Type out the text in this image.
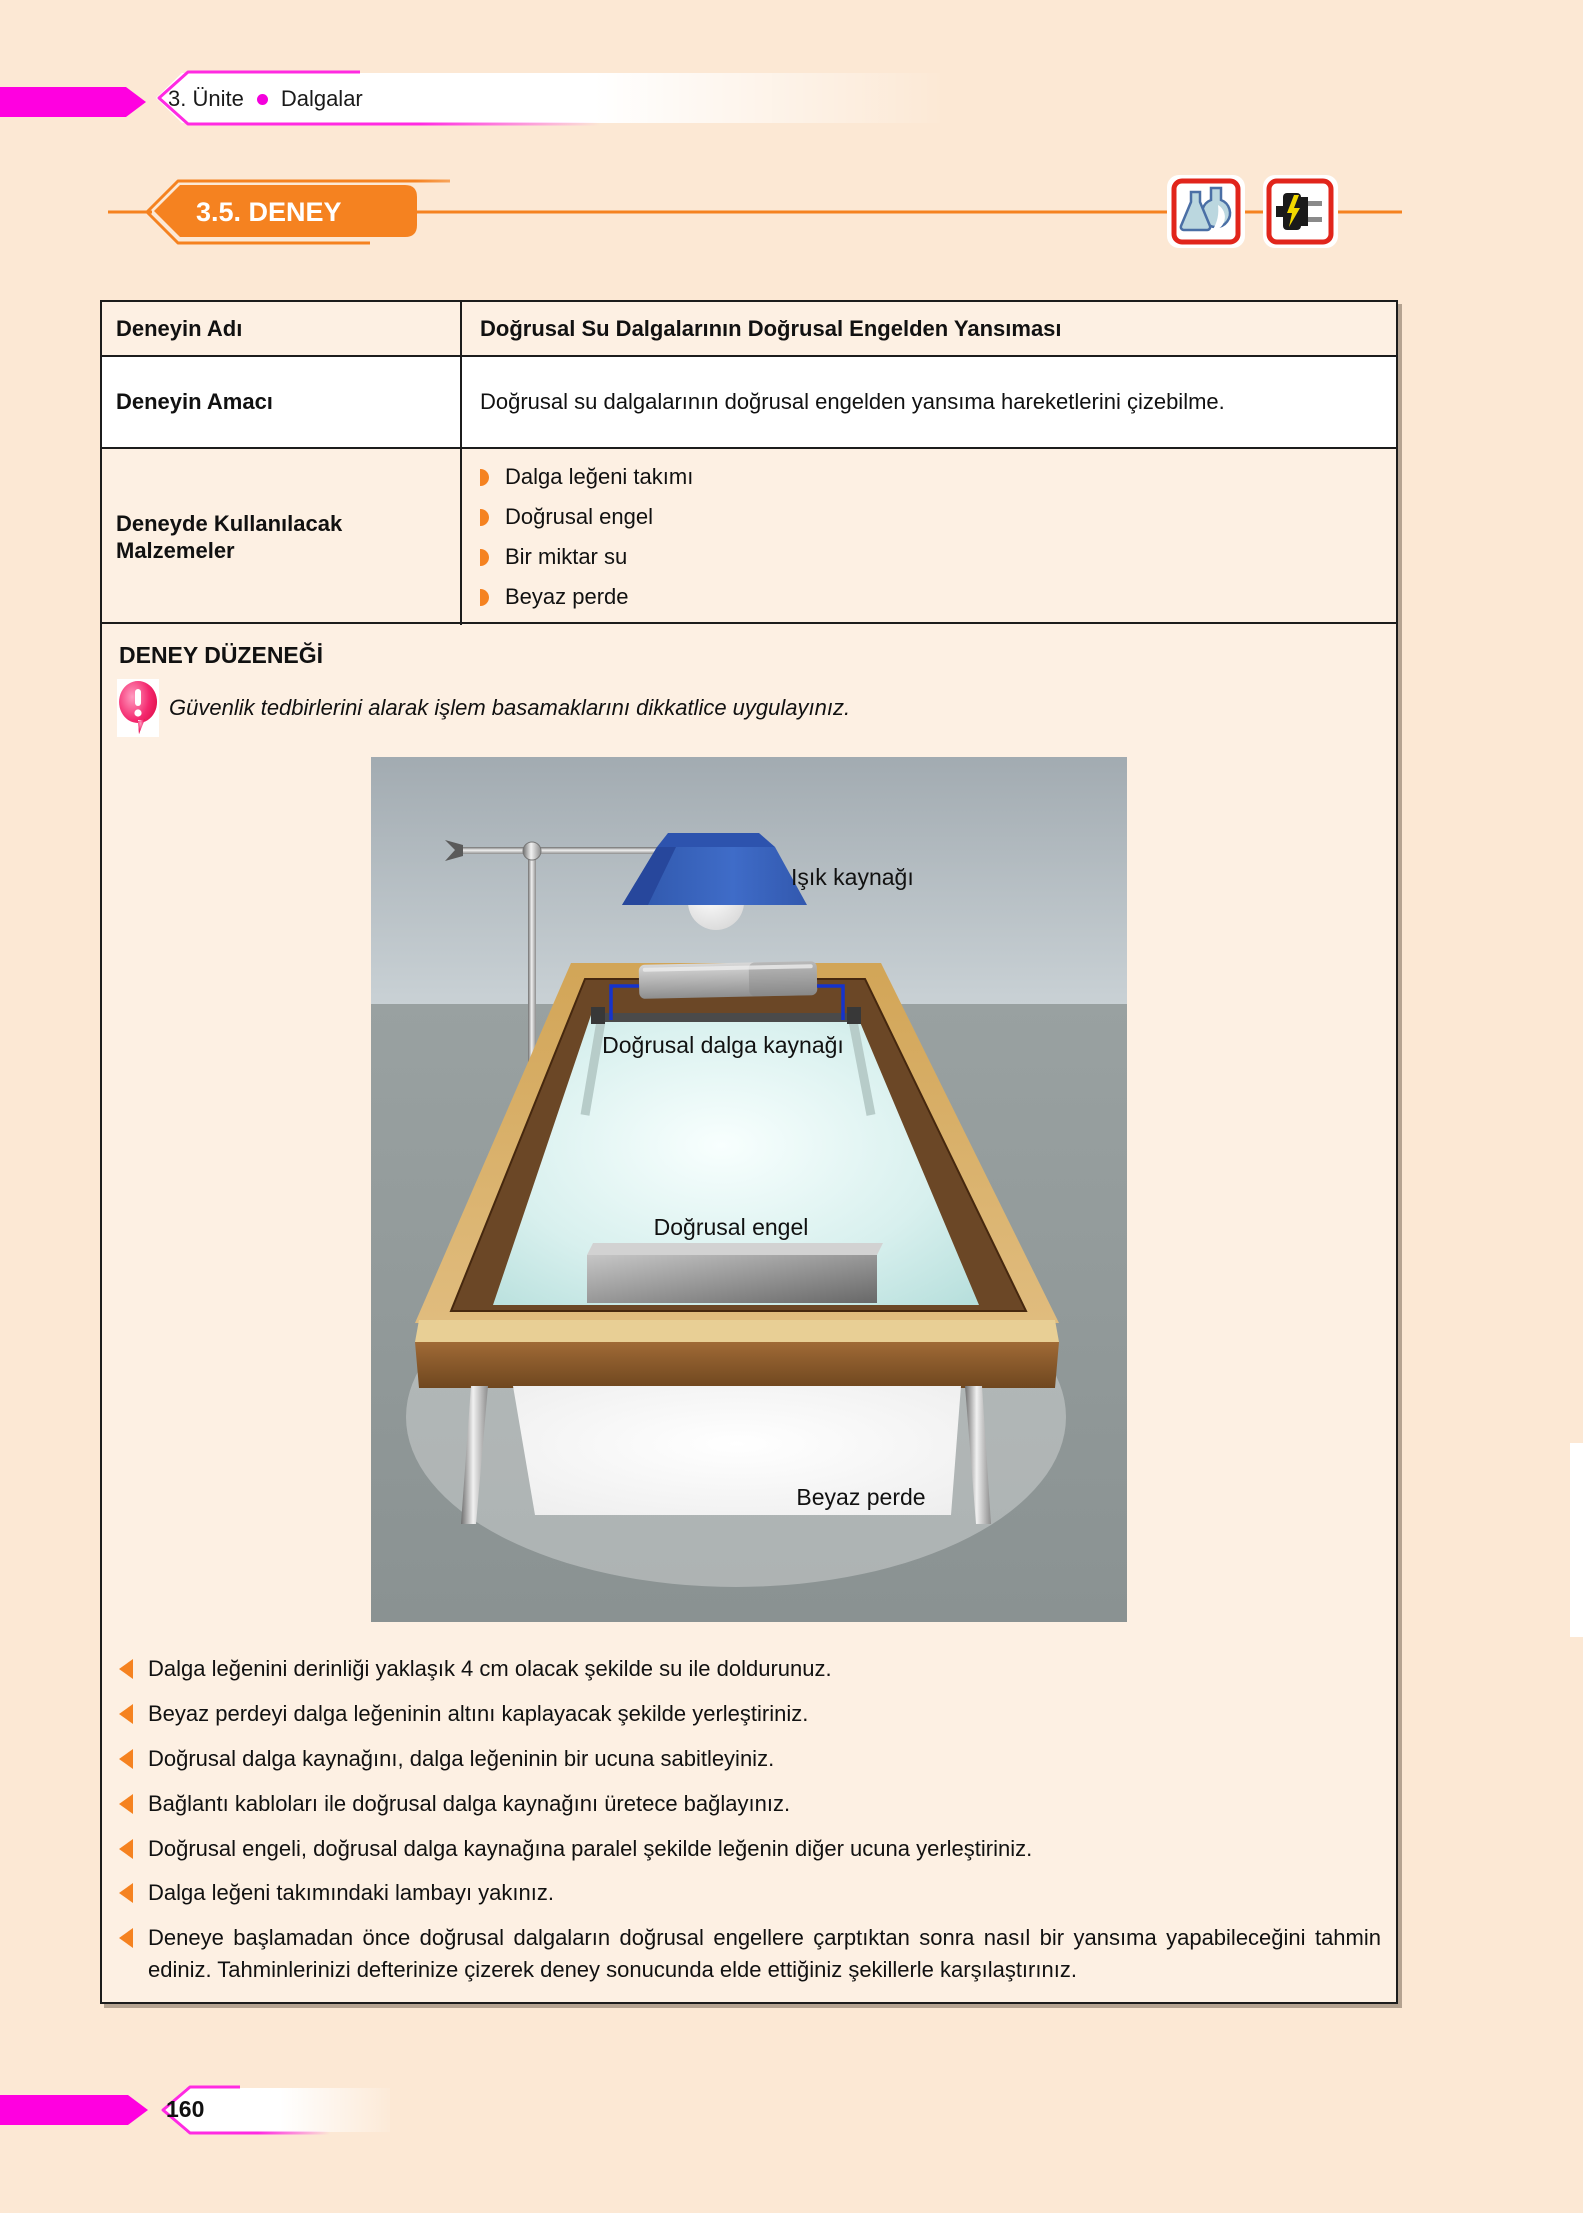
3. Ünite Dalgalar
3.5. DENEY
Deneyin Adı	Doğrusal Su Dalgalarının Doğrusal Engelden Yansıması
Deneyin Amacı	Doğrusal su dalgalarının doğrusal engelden yansıma hareketlerini çizebilme.
Deneyde Kullanılacak Malzemeler
Dalga leğeni takımı
Doğrusal engel
Bir miktar su
Beyaz perde
DENEY DÜZENEĞİ
Güvenlik tedbirlerini alarak işlem basamaklarını dikkatlice uygulayınız.
Işık kaynağı
Doğrusal dalga kaynağı
Doğrusal engel
Beyaz perde
Dalga leğenini derinliği yaklaşık 4 cm olacak şekilde su ile doldurunuz.
Beyaz perdeyi dalga leğeninin altını kaplayacak şekilde yerleştiriniz.
Doğrusal dalga kaynağını, dalga leğeninin bir ucuna sabitleyiniz.
Bağlantı kabloları ile doğrusal dalga kaynağını üretece bağlayınız.
Doğrusal engeli, doğrusal dalga kaynağına paralel şekilde leğenin diğer ucuna yerleştiriniz.
Dalga leğeni takımındaki lambayı yakınız.
Deneye başlamadan önce doğrusal dalgaların doğrusal engellere çarptıktan sonra nasıl bir yansıma yapabileceğini tahmin ediniz. Tahminlerinizi defterinize çizerek deney sonucunda elde ettiğiniz şekillerle karşılaştırınız.
160
